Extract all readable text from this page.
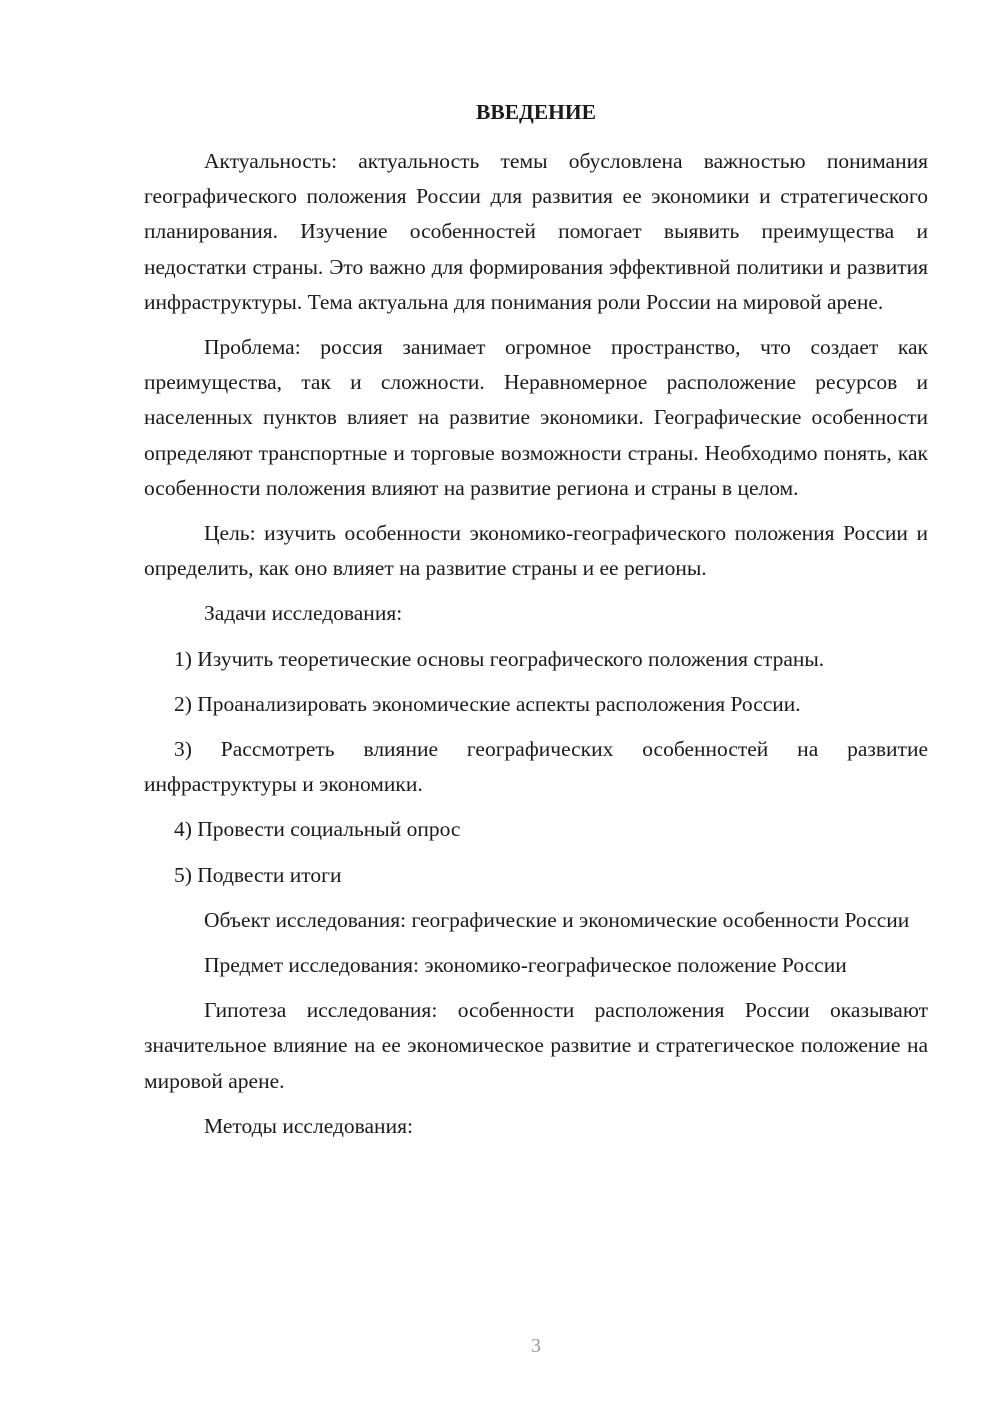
ВВЕДЕНИЕ

Актуальность: актуальность темы обусловлена важностью понимания географического положения России для развития ее экономики и стратегического планирования. Изучение особенностей помогает выявить преимущества и недостатки страны. Это важно для формирования эффективной политики и развития инфраструктуры. Тема актуальна для понимания роли России на мировой арене.

Проблема: россия занимает огромное пространство, что создает как преимущества, так и сложности. Неравномерное расположение ресурсов и населенных пунктов влияет на развитие экономики. Географические особенности определяют транспортные и торговые возможности страны. Необходимо понять, как особенности положения влияют на развитие региона и страны в целом.

Цель: изучить особенности экономико-географического положения России и определить, как оно влияет на развитие страны и ее регионы.

Задачи исследования:

1) Изучить теоретические основы географического положения страны.

2) Проанализировать экономические аспекты расположения России.

3) Рассмотреть влияние географических особенностей на развитие инфраструктуры и экономики.

4) Провести социальный опрос

5) Подвести итоги

Объект исследования: географические и экономические особенности России

Предмет исследования: экономико-географическое положение России

Гипотеза исследования: особенности расположения России оказывают значительное влияние на ее экономическое развитие и стратегическое положение на мировой арене.

Методы исследования:

3
